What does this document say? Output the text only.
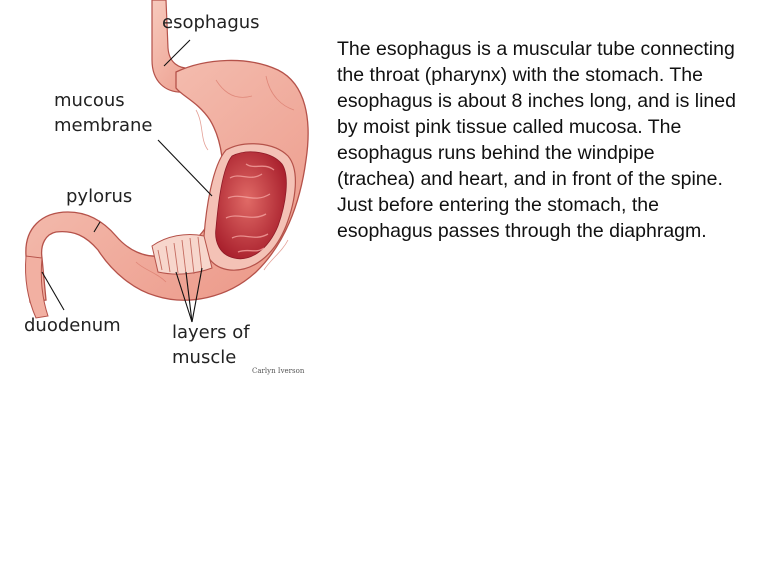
esophagus
mucous
membrane
pylorus
duodenum	layers of
muscle
Carlyn Iverson

The esophagus is a muscular tube connecting the throat (pharynx) with the stomach. The esophagus is about 8 inches long, and is lined by moist pink tissue called mucosa. The esophagus runs behind the windpipe (trachea) and heart, and in front of the spine. Just before entering the stomach, the esophagus passes through the diaphragm.
